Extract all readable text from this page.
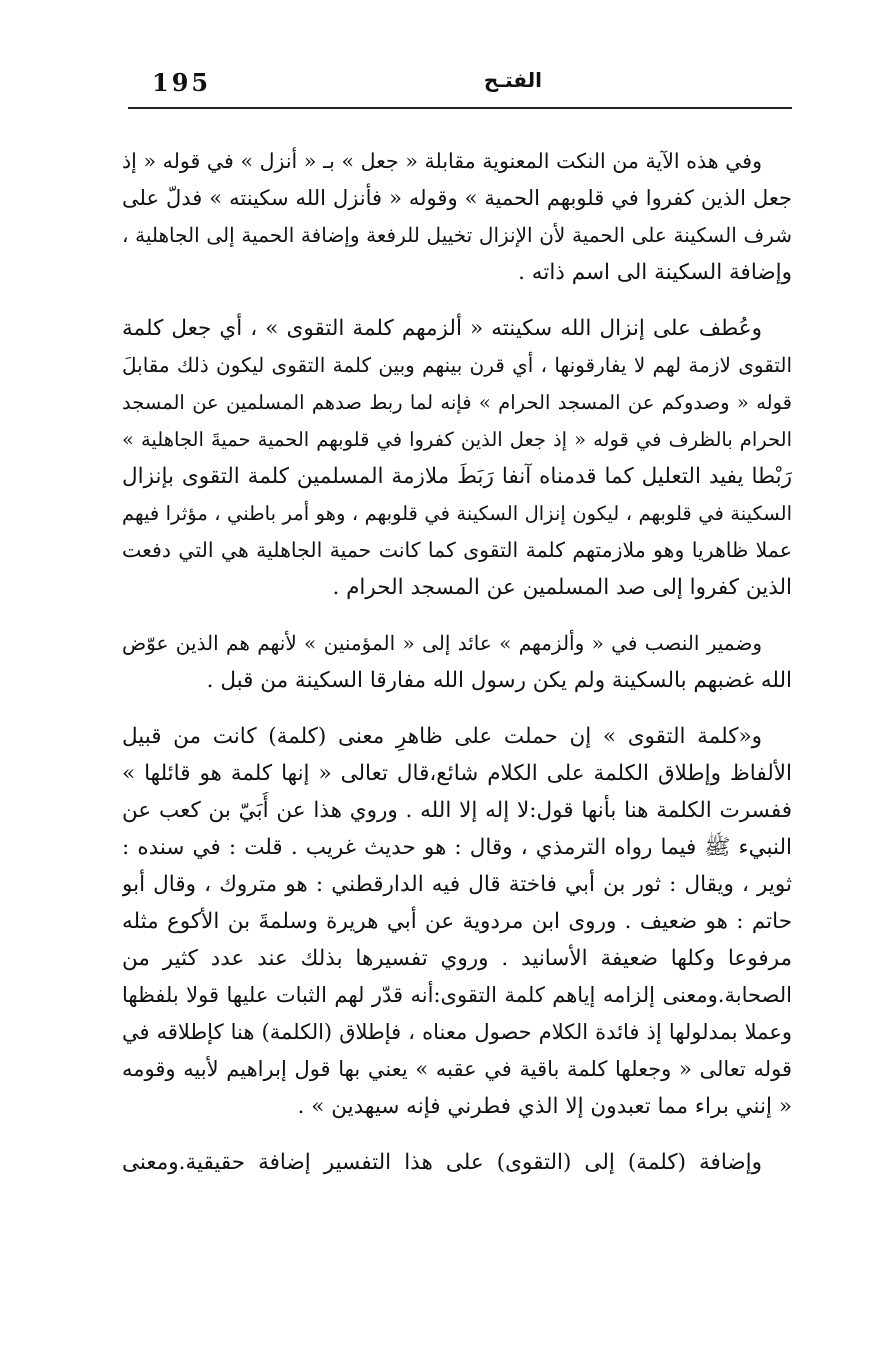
195	الفتـح

وفي هذه الآية من النكت المعنوية مقابلة « جعل » بـ « أنزل » في قوله « إذ
جعل الذين كفروا في قلوبهم الحمية » وقوله « فأنزل الله سكينته » فدلّ على
شرف السكينة على الحمية لأن الإنزال تخييل للرفعة وإضافة الحمية إلى الجاهلية ،
وإضافة السكينة الى اسم ذاته .

وعُطف على إنزال الله سكينته « ألزمهم كلمة التقوى » ، أي جعل كلمة
التقوى لازمة لهم لا يفارقونها ، أي قرن بينهم وبين كلمة التقوى ليكون ذلك مقابلَ
قوله « وصدوكم عن المسجد الحرام » فإنه لما ربط صدهم المسلمين عن المسجد
الحرام بالظرف في قوله « إذ جعل الذين كفروا في قلوبهم الحمية حميةَ الجاهلية »
رَبْطا يفيد التعليل كما قدمناه آنفا رَبَطَ ملازمة المسلمين كلمة التقوى بإنزال
السكينة في قلوبهم ، ليكون إنزال السكينة في قلوبهم ، وهو أمر باطني ، مؤثرا فيهم
عملا ظاهريا وهو ملازمتهم كلمة التقوى كما كانت حمية الجاهلية هي التي دفعت
الذين كفروا إلى صد المسلمين عن المسجد الحرام .

وضمير النصب في « وألزمهم » عائد إلى « المؤمنين » لأنهم هم الذين عوّض
الله غضبهم بالسكينة ولم يكن رسول الله مفارقا السكينة من قبل .

و«كلمة التقوى » إن حملت على ظاهرِ معنى (كلمة) كانت من قبيل
الألفاظ وإطلاق الكلمة على الكلام شائع،قال تعالى « إنها كلمة هو قائلها »
ففسرت الكلمة هنا بأنها قول:لا إله إلا الله . وروي هذا عن أُبَيّ بن كعب عن
النبيء ﷺ فيما رواه الترمذي ، وقال : هو حديث غريب . قلت : في سنده :
ثوير ، ويقال : ثور بن أبي فاختة قال فيه الدارقطني : هو متروك ، وقال أبو
حاتم : هو ضعيف . وروى ابن مردوية عن أبي هريرة وسلمةَ بن الأكوع مثله
مرفوعا وكلها ضعيفة الأسانيد . وروي تفسيرها بذلك عند عدد كثير من
الصحابة.ومعنى إلزامه إياهم كلمة التقوى:أنه قدّر لهم الثبات عليها قولا بلفظها
وعملا بمدلولها إذ فائدة الكلام حصول معناه ، فإطلاق (الكلمة) هنا كإطلاقه في
قوله تعالى « وجعلها كلمة باقية في عقبه » يعني بها قول إبراهيم لأبيه وقومه
« إنني براء مما تعبدون إلا الذي فطرني فإنه سيهدين » .

وإضافة (كلمة) إلى (التقوى) على هذا التفسير إضافة حقيقية.ومعنى
